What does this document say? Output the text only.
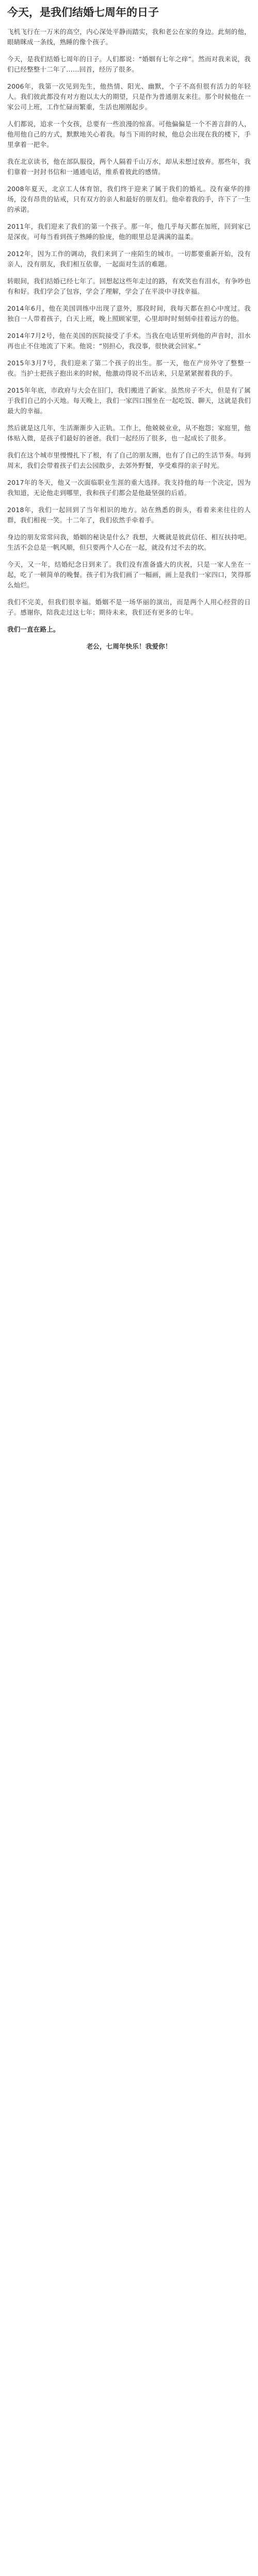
今天，是我们结婚七周年的日子

飞机飞行在一万米的高空，内心深处平静而踏实，我和老公在家的身边。此刻的他，眼睛眯成一条线，熟睡的像个孩子。

今天，是我们结婚七周年的日子。人们都说：“婚姻有七年之痒”。然而对我来说，我们已经整整十二年了……回首，经历了很多。

2006年，我第一次见到先生，他热情、阳光、幽默，个子不高但很有活力的年轻人。我们彼此都没有对方抱以太大的期望，只是作为普通朋友来往。那个时候他在一家公司上班，工作忙碌而繁重，生活也刚刚起步。

人们都说，追求一个女孩，总要有一些浪漫的惊喜。可他偏偏是一个不善言辞的人，他用他自己的方式，默默地关心着我。每当下雨的时候，他总会出现在我的楼下，手里拿着一把伞。

我在北京读书，他在部队服役，两个人隔着千山万水，却从未想过放弃。那些年，我们靠着一封封书信和一通通电话，维系着彼此的感情。

2008年夏天，北京工人体育馆，我们终于迎来了属于我们的婚礼。没有豪华的排场，没有昂贵的钻戒，只有双方的亲人和最好的朋友们。他牵着我的手，许下了一生的承诺。

2011年，我们迎来了我们的第一个孩子。那一年，他几乎每天都在加班，回到家已是深夜。可每当看到孩子熟睡的脸庞，他的眼里总是满满的温柔。

2012年，因为工作的调动，我们来到了一座陌生的城市。一切都要重新开始，没有亲人，没有朋友，我们相互依靠，一起面对生活的难题。

转眼间，我们结婚已经七年了。回想起这些年走过的路，有欢笑也有泪水，有争吵也有和好。我们学会了包容，学会了理解，学会了在平淡中寻找幸福。

2014年6月，他在美国训练中出现了意外，那段时间，我每天都在担心中度过。我独自一人带着孩子，白天上班，晚上照顾家里，心里却时时刻刻牵挂着远方的他。

2014年7月2号，他在美国的医院接受了手术。当我在电话里听到他的声音时，泪水再也止不住地流了下来。他说：“别担心，我没事，很快就会回家。”

2015年3月7号，我们迎来了第二个孩子的出生。那一天，他在产房外守了整整一夜。当护士把孩子抱出来的时候，他激动得说不出话来，只是紧紧握着我的手。

2015年年底，市政府与大会在旧门，我们搬进了新家。虽然房子不大，但是有了属于我们自己的小天地。每天晚上，我们一家四口围坐在一起吃饭、聊天，这就是我们最大的幸福。

然后就是这几年，生活渐渐步入正轨。工作上，他兢兢业业，从不抱怨；家庭里，他体贴入微，是孩子们最好的爸爸。我们一起经历了很多，也一起成长了很多。

我们在这个城市里慢慢扎下了根，有了自己的朋友圈，也有了自己的生活节奏。每到周末，我们会带着孩子们去公园散步，去郊外野餐，享受难得的亲子时光。

2017年的冬天，他又一次面临职业生涯的重大选择。我支持他的每一个决定，因为我知道，无论他走到哪里，我和孩子们都会是他最坚强的后盾。

2018年，我们一起回到了当年相识的地方。站在熟悉的街头，看着来来往往的人群，我们相视一笑。十二年了，我们依然手牵着手。

身边的朋友常常问我，婚姻的秘诀是什么？我想，大概就是彼此信任、相互扶持吧。生活不会总是一帆风顺，但只要两个人心在一起，就没有过不去的坎。

今天，又一年，结婚纪念日到来了。我们没有准备盛大的庆祝，只是一家人坐在一起，吃了一顿简单的晚餐。孩子们为我们画了一幅画，画上是我们一家四口，笑得那么灿烂。

我们不完美，但我们很幸福。婚姻不是一场华丽的演出，而是两个人用心经营的日子。感谢你，陪我走过这七年；期待未来，我们还有更多的七年。

我们一直在路上。

老公，七周年快乐！我爱你！
